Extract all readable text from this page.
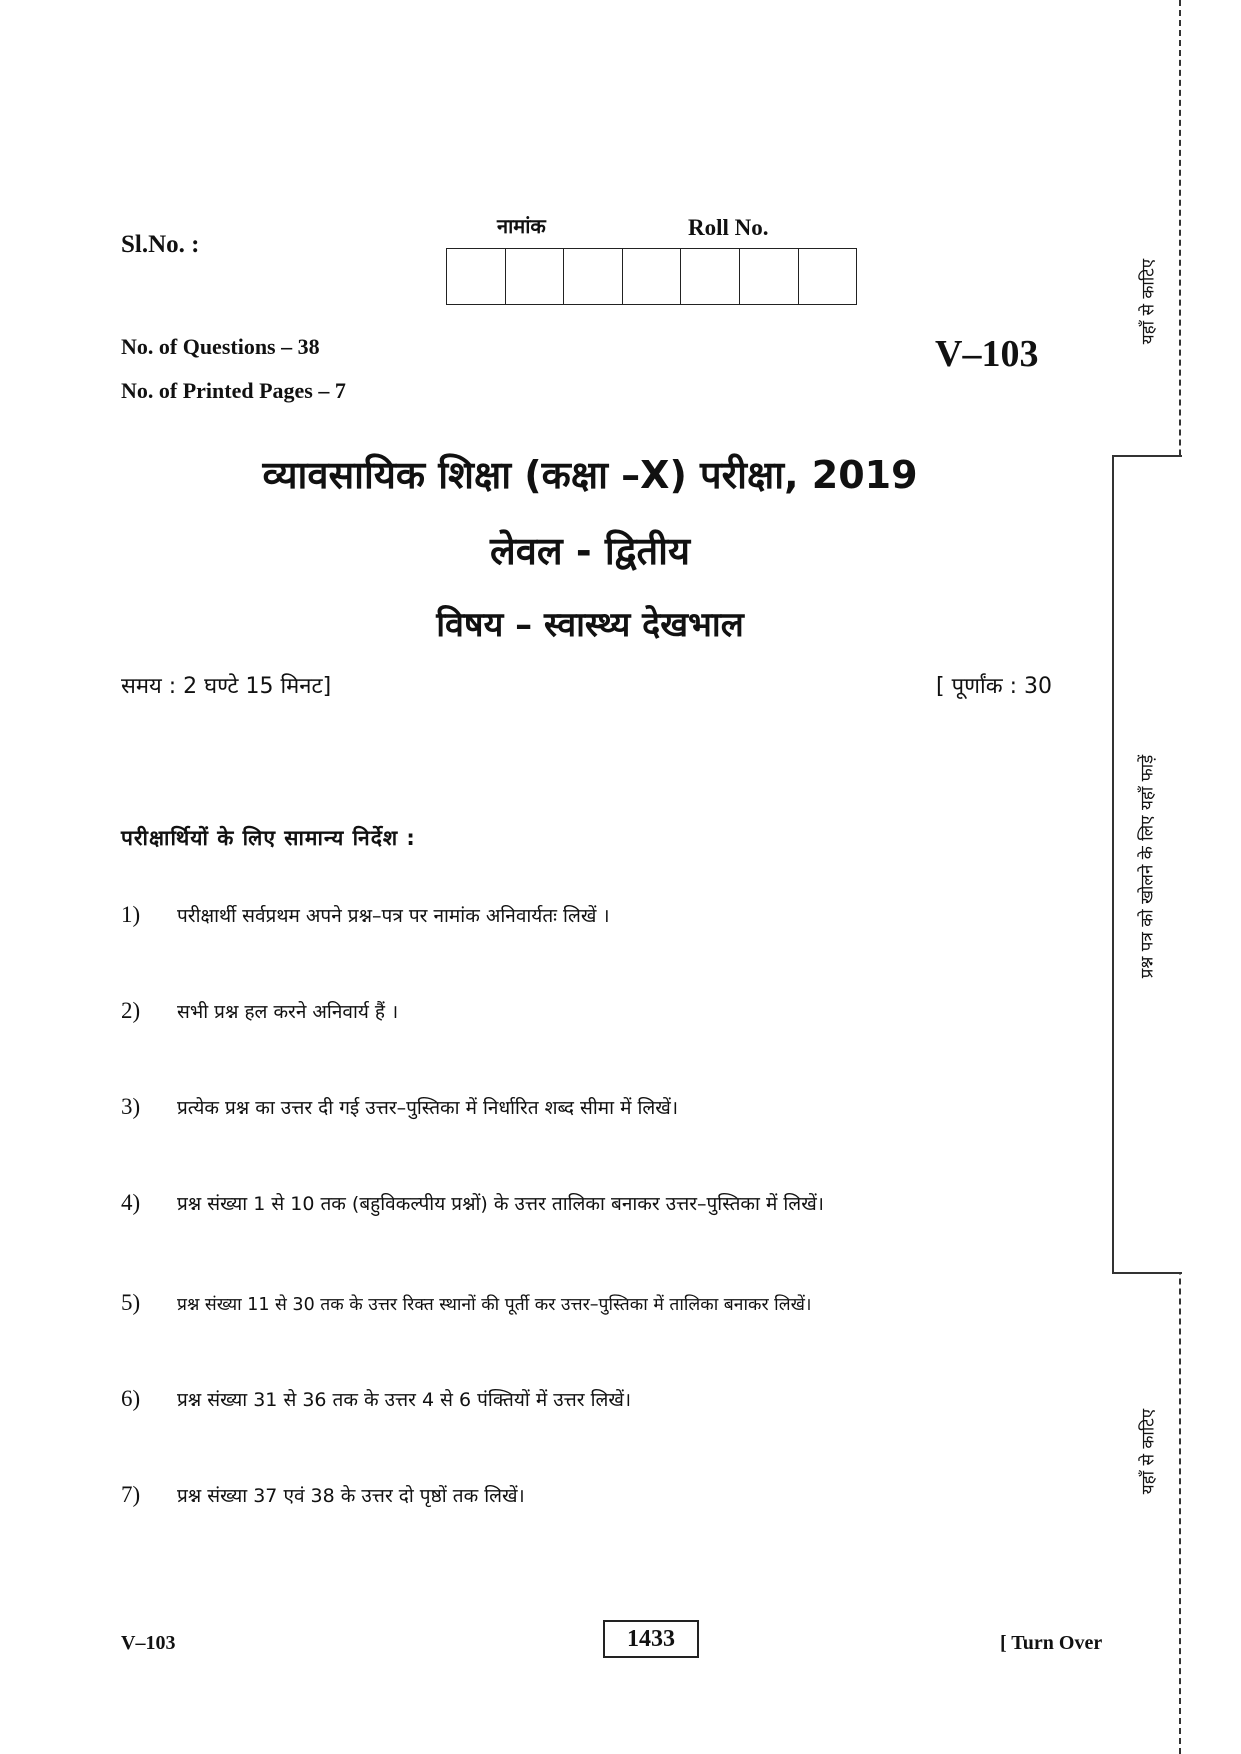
Sl.No. :
नामांक	Roll No.
No. of Questions – 38
No. of Printed Pages – 7
V–103
व्यावसायिक शिक्षा (कक्षा –X) परीक्षा, 2019
लेवल - द्वितीय
विषय – स्वास्थ्य देखभाल
समय : 2 घण्टे 15 मिनट]	[ पूर्णांक : 30
परीक्षार्थियों के लिए सामान्य निर्देश :
1)	परीक्षार्थी सर्वप्रथम अपने प्रश्न–पत्र पर नामांक अनिवार्यतः लिखें ।
2)	सभी प्रश्न हल करने अनिवार्य हैं ।
3)	प्रत्येक प्रश्न का उत्तर दी गई उत्तर–पुस्तिका में निर्धारित शब्द सीमा में लिखें।
4)	प्रश्न संख्या 1 से 10 तक (बहुविकल्पीय प्रश्नों) के उत्तर तालिका बनाकर उत्तर–पुस्तिका में लिखें।
5)	प्रश्न संख्या 11 से 30 तक के उत्तर रिक्त स्थानों की पूर्ती कर उत्तर–पुस्तिका में तालिका बनाकर लिखें।
6)	प्रश्न संख्या 31 से 36 तक के उत्तर 4 से 6 पंक्तियों में उत्तर लिखें।
7)	प्रश्न संख्या 37 एवं 38 के उत्तर दो पृष्ठों तक लिखें।
V–103	1433	[ Turn Over
यहाँ से काटिए
प्रश्न पत्र को खोलने के लिए यहाँ फाड़ें
यहाँ से काटिए
